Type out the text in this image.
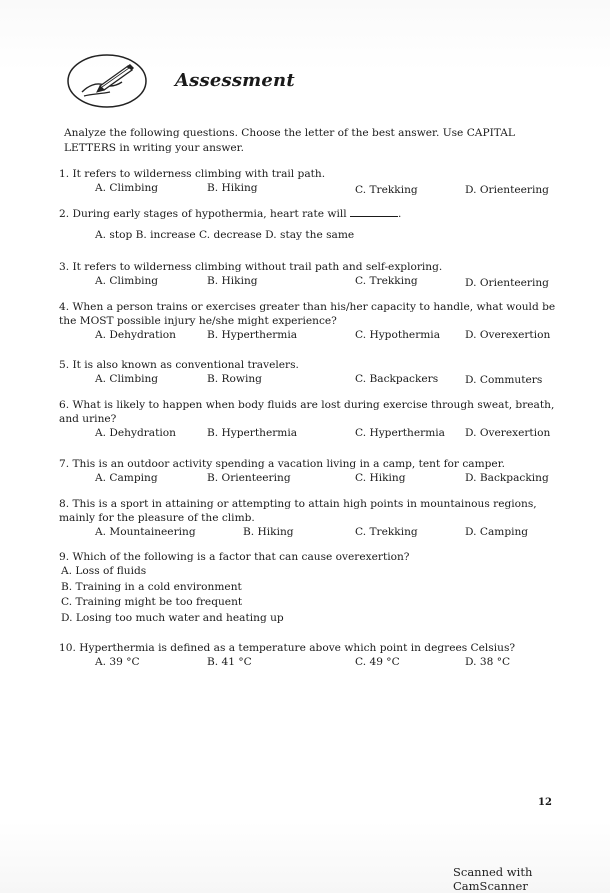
Assessment
Analyze the following questions. Choose the letter of the best answer. Use CAPITAL LETTERS in writing your answer.
1. It refers to wilderness climbing with trail path.
A. Climbing	B. Hiking	C. Trekking	D. Orienteering
2. During early stages of hypothermia, heart rate will	.
A. stop B. increase C. decrease D. stay the same
3. It refers to wilderness climbing without trail path and self-exploring.
A. Climbing	B. Hiking	C. Trekking	D. Orienteering
4. When a person trains or exercises greater than his/her capacity to handle, what would be the MOST possible injury he/she might experience?
A. Dehydration	B. Hyperthermia	C. Hypothermia D. Overexertion
5. It is also known as conventional travelers.
A. Climbing	B. Rowing	C. Backpackers	D. Commuters
6. What is likely to happen when body fluids are lost during exercise through sweat, breath, and urine?
A. Dehydration	B. Hyperthermia	C. Hyperthermia D. Overexertion
7. This is an outdoor activity spending a vacation living in a camp, tent for camper.
A. Camping	B. Orienteering	C. Hiking	D. Backpacking
8. This is a sport in attaining or attempting to attain high points in mountainous regions, mainly for the pleasure of the climb.
A. Mountaineering	B. Hiking	C. Trekking	D. Camping
9. Which of the following is a factor that can cause overexertion?
A. Loss of fluids
B. Training in a cold environment
C. Training might be too frequent
D. Losing too much water and heating up
10. Hyperthermia is defined as a temperature above which point in degrees Celsius?
A. 39 °C	B. 41 °C	C. 49 °C	D. 38 °C
12
Scanned with CamScanner
